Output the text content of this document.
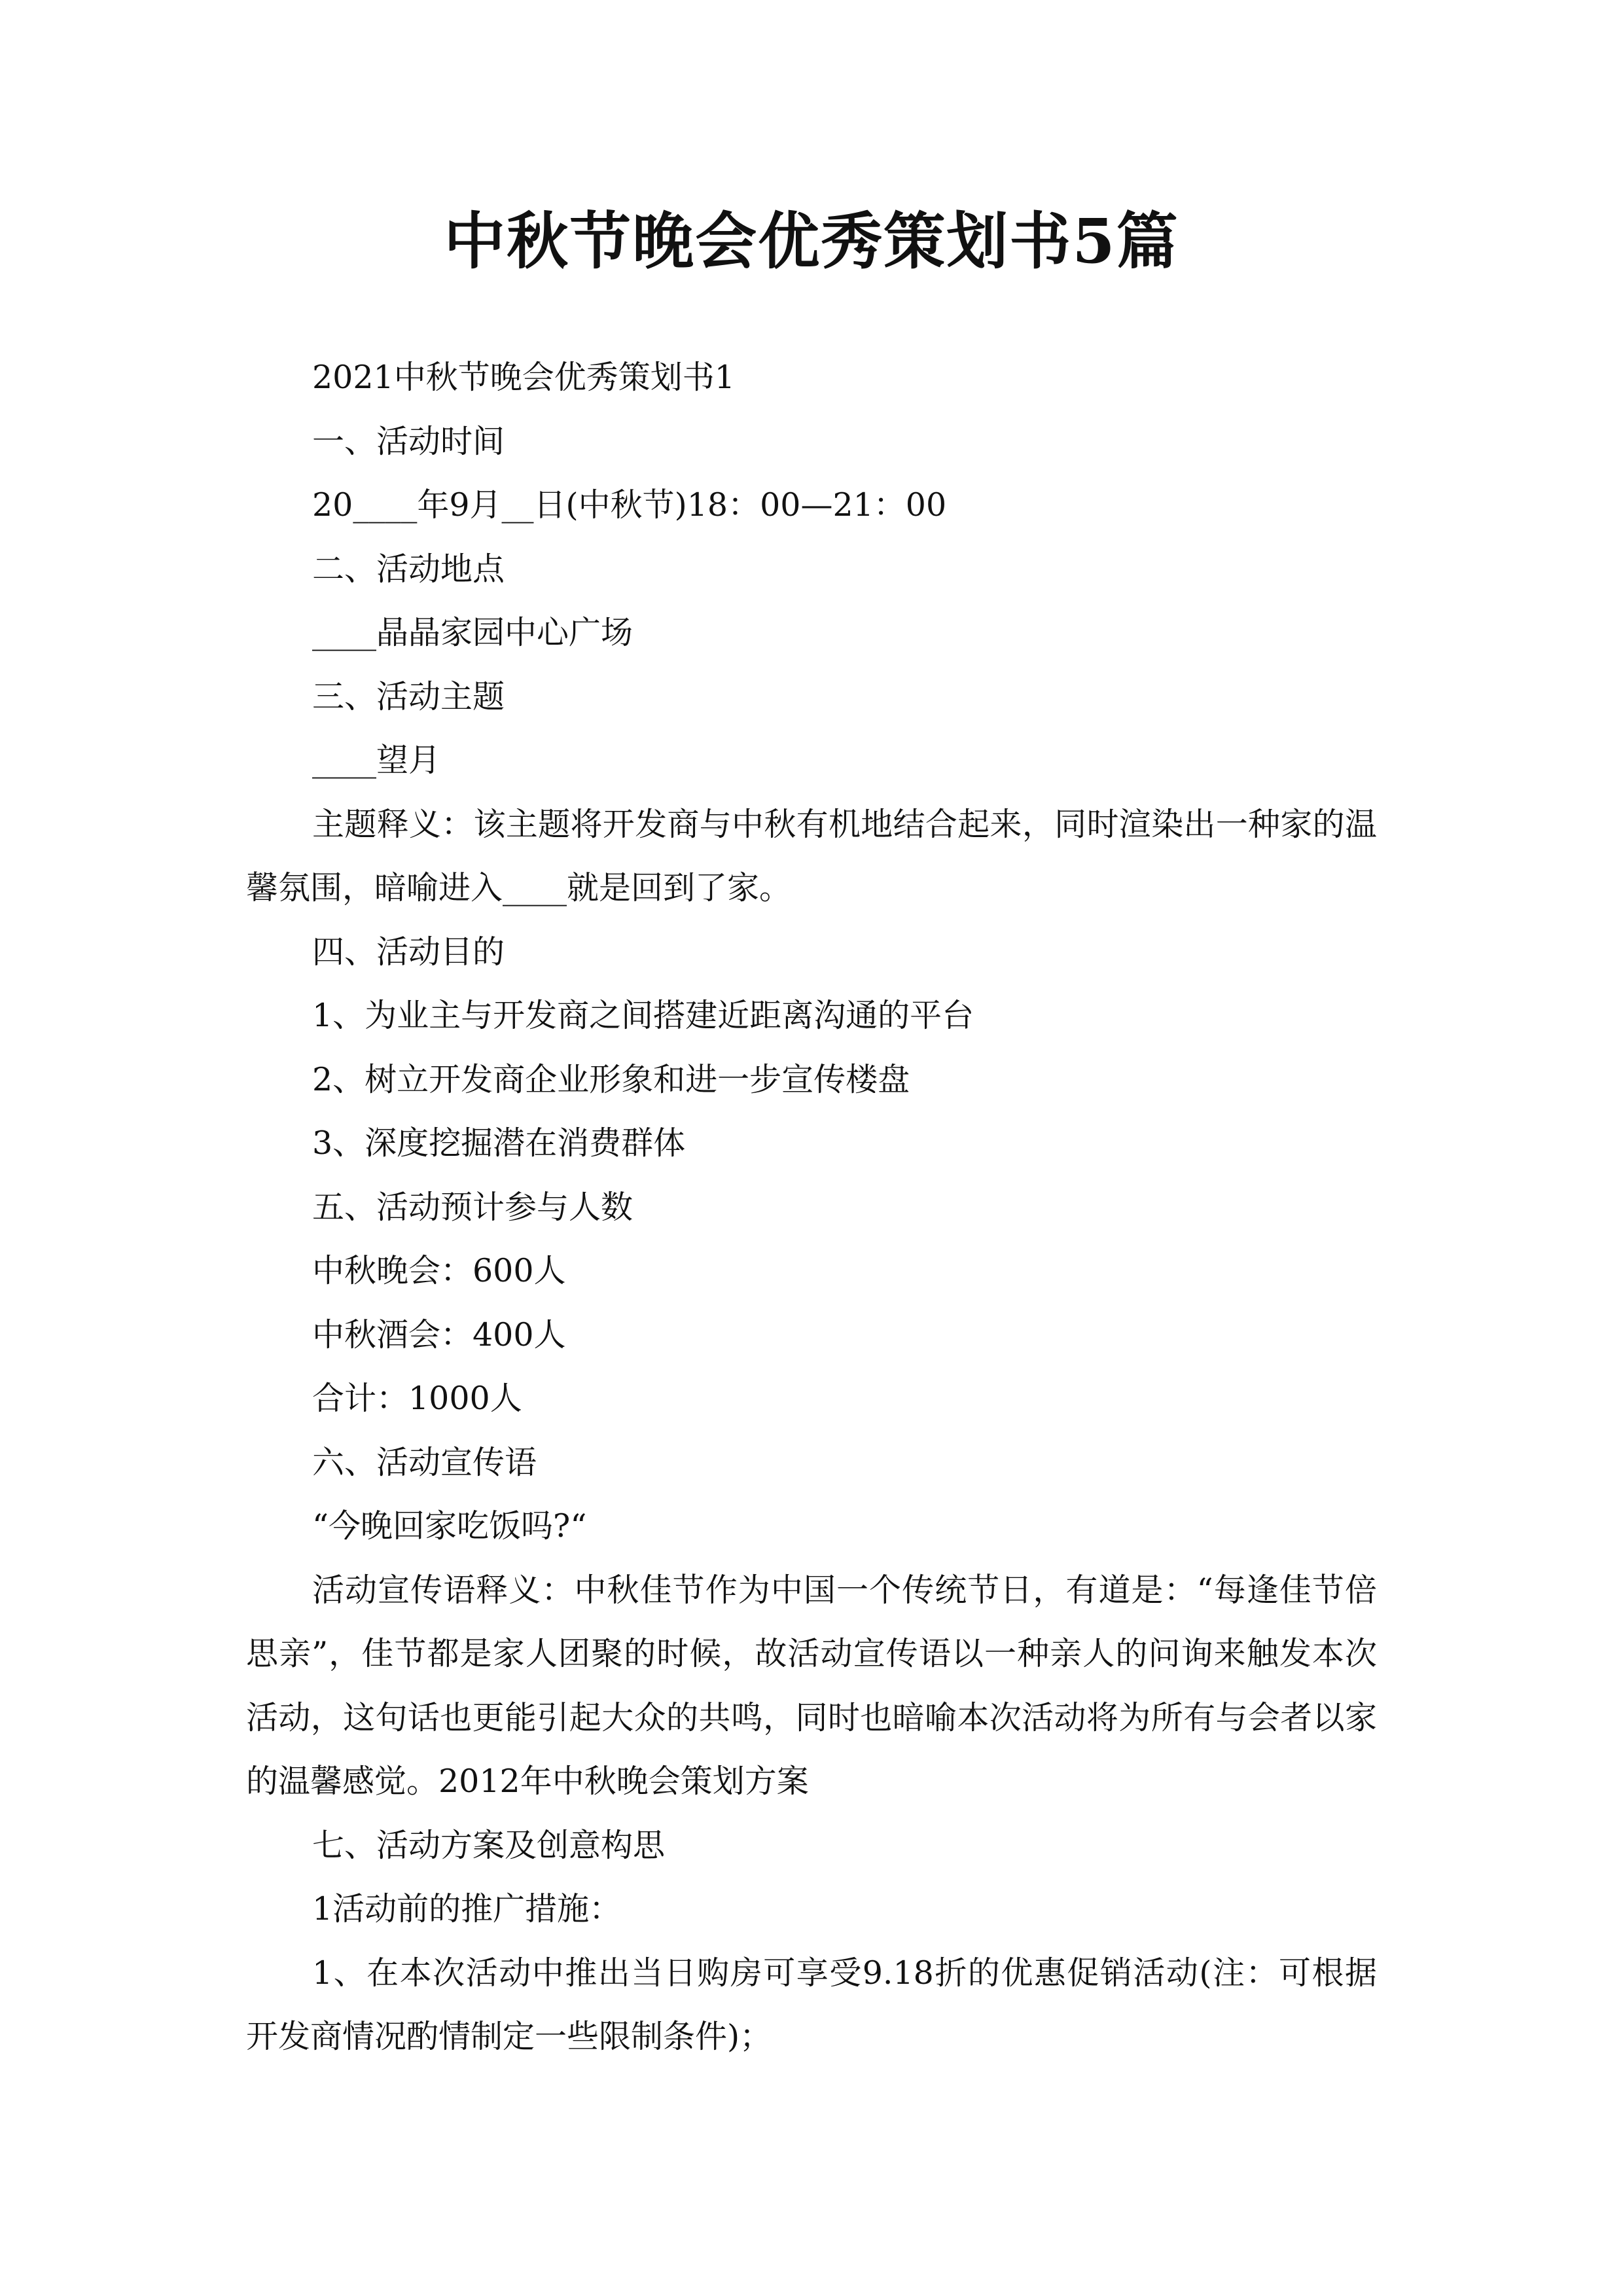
中秋节晚会优秀策划书5篇
2021中秋节晚会优秀策划书1
一、活动时间
20____年9月__日(中秋节)18：00—21：00
二、活动地点
____晶晶家园中心广场
三、活动主题
____望月
主题释义：该主题将开发商与中秋有机地结合起来，同时渲染出一种家的温
馨氛围，暗喻进入____就是回到了家。
四、活动目的
1、为业主与开发商之间搭建近距离沟通的平台
2、树立开发商企业形象和进一步宣传楼盘
3、深度挖掘潜在消费群体
五、活动预计参与人数
中秋晚会：600人
中秋酒会：400人
合计：1000人
六、活动宣传语
“今晚回家吃饭吗?“
活动宣传语释义：中秋佳节作为中国一个传统节日，有道是：“每逢佳节倍
思亲”，佳节都是家人团聚的时候，故活动宣传语以一种亲人的问询来触发本次
活动，这句话也更能引起大众的共鸣，同时也暗喻本次活动将为所有与会者以家
的温馨感觉。2012年中秋晚会策划方案
七、活动方案及创意构思
1活动前的推广措施：
1、在本次活动中推出当日购房可享受9.18折的优惠促销活动(注：可根据
开发商情况酌情制定一些限制条件)；
